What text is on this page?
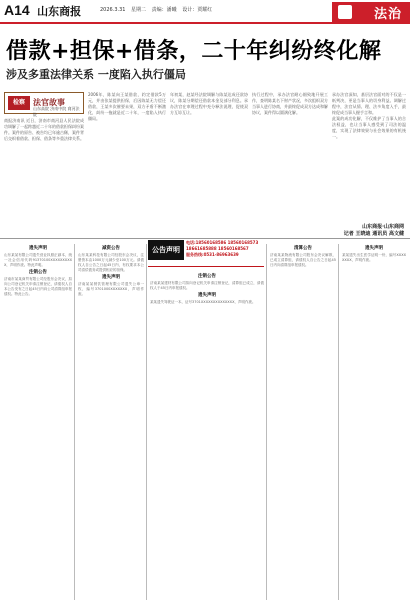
A14 山东商报	2026.3.31 星期二 责编：潘曦 设计：贾耀红	法治
借款+担保+借条，二十年纠纷终化解
涉及多重法律关系 一度陷入执行僵局
检察	法官故事
山东高院 济南中院 商河法院

商报济南讯 近日，济南市商河县人民法院成功调解了一起跨越近二十年的借款担保纠纷案件。案件的原告、被告均已年逾古稀，案件背后交织着借款、担保、借条等多重法律关系。

2006年，陈某向王某借款，约定借款5万元，并由张某提供担保，后因陈某无力偿还借款，王某多次催要未果，双方矛盾不断激化，纠纷一拖就是近二十年，一度陷入执行僵局。

年初某，赵某经法院调解与陈某达成还款协议，陈某分期偿还借款本金及部分利息。承办法官在审理过程中充分释法说理，促使双方互谅互让。

执行过程中，承办法官耐心细致地开展工作，查明陈某名下财产状况，多次组织双方当事人进行协商，并最终促成双方达成和解协议，案件得以圆满化解。

承办法官深知，基层法官面对的不仅是一纸判决，更是当事人的切身利益。调解过程中，法官从情、理、法多角度入手，最终促成当事人握手言和。

此案的成功化解，不仅维护了当事人的合法权益，也让当事人感受到了司法的温度，实现了法律效果与社会效果的有机统一。

山东商报·山东商网
记者 王晓迪 通讯员 高文健
公告声明
电话:18560168586 18560168573
18661685888 18560168567
服务热线:0531-86963639
遗失声明

山东某某有限公司遗失营业执照正副本，统一社会信用代码91370100XXXXXXXXXX，声明作废。特此声明。

注销公告

济南市某某商贸有限公司经股东会决议，拟向公司登记机关申请注销登记，请债权人自本公告发布之日起45日内向公司清算组申报债权。特此公告。

减资公告

山东某某科技有限公司经股东会决议，注册资本由1000万元减少至100万元。请债权人自公告之日起45日内，有权要求本公司清偿债务或提供相应的担保。

遗失声明

济南某某餐饮管理有限公司遗失公章一枚，编号3701000XXXXXXX，声明作废。

注销公告

济南某某建材有限公司拟向登记机关申请注销登记，清算组已成立，请债权人于45日内申报债权。

遗失声明

某某遗失驾驶证一本，证号3701XXXXXXXXXXXXXX，声明作废。

清算公告

济南某某物流有限公司股东会决议解散，已成立清算组，请债权人自公告之日起45日内向清算组申报债权。

遗失声明

某某遗失出生医学证明一份，编号XXXXXXXX，声明作废。
